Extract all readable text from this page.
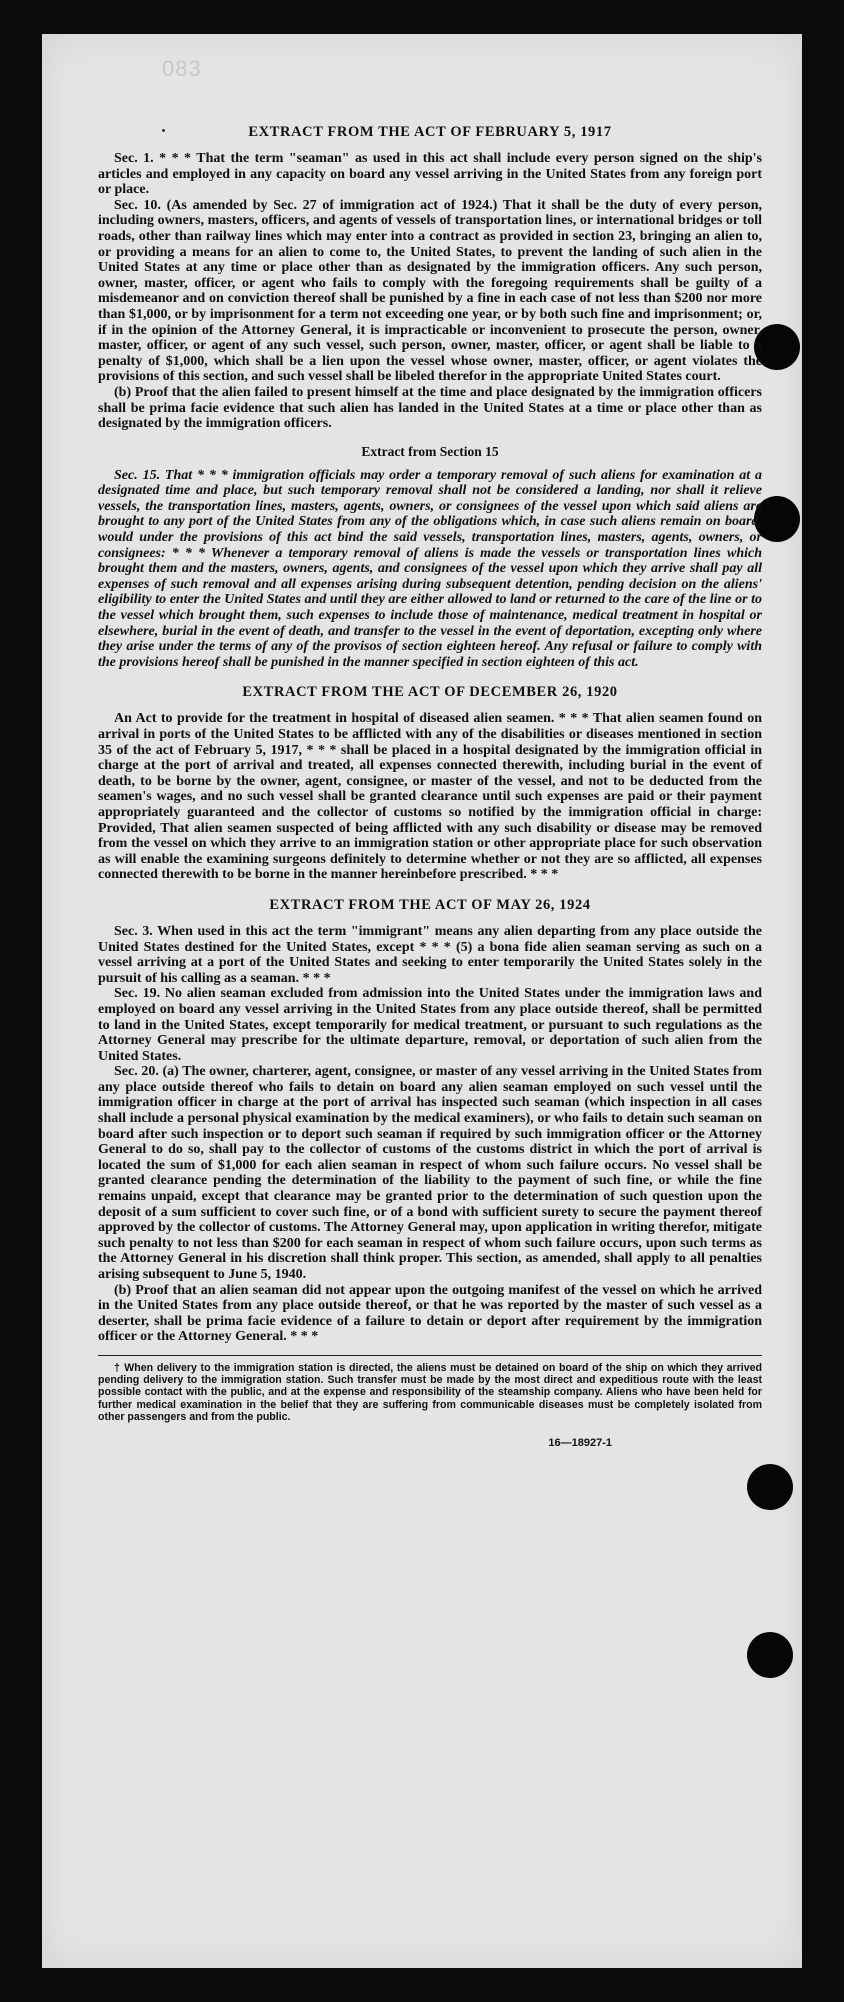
083
EXTRACT FROM THE ACT OF FEBRUARY 5, 1917

Sec. 1. * * * That the term "seaman" as used in this act shall include every person signed on the ship's articles and employed in any capacity on board any vessel arriving in the United States from any foreign port or place.

Sec. 10. (As amended by Sec. 27 of immigration act of 1924.) That it shall be the duty of every person, including owners, masters, officers, and agents of vessels of transportation lines, or international bridges or toll roads, other than railway lines which may enter into a contract as provided in section 23, bringing an alien to, or providing a means for an alien to come to, the United States, to prevent the landing of such alien in the United States at any time or place other than as designated by the immigration officers. Any such person, owner, master, officer, or agent who fails to comply with the foregoing requirements shall be guilty of a misdemeanor and on conviction thereof shall be punished by a fine in each case of not less than $200 nor more than $1,000, or by imprisonment for a term not exceeding one year, or by both such fine and imprisonment; or, if in the opinion of the Attorney General, it is impracticable or inconvenient to prosecute the person, owner, master, officer, or agent of any such vessel, such person, owner, master, officer, or agent shall be liable to a penalty of $1,000, which shall be a lien upon the vessel whose owner, master, officer, or agent violates the provisions of this section, and such vessel shall be libeled therefor in the appropriate United States court.

(b) Proof that the alien failed to present himself at the time and place designated by the immigration officers shall be prima facie evidence that such alien has landed in the United States at a time or place other than as designated by the immigration officers.

Extract from Section 15

Sec. 15. That * * * immigration officials may order a temporary removal of such aliens for examination at a designated time and place, but such temporary removal shall not be considered a landing, nor shall it relieve vessels, the transportation lines, masters, agents, owners, or consignees of the vessel upon which said aliens are brought to any port of the United States from any of the obligations which, in case such aliens remain on board, would under the provisions of this act bind the said vessels, transportation lines, masters, agents, owners, or consignees: * * * Whenever a temporary removal of aliens is made the vessels or transportation lines which brought them and the masters, owners, agents, and consignees of the vessel upon which they arrive shall pay all expenses of such removal and all expenses arising during subsequent detention, pending decision on the aliens' eligibility to enter the United States and until they are either allowed to land or returned to the care of the line or to the vessel which brought them, such expenses to include those of maintenance, medical treatment in hospital or elsewhere, burial in the event of death, and transfer to the vessel in the event of deportation, excepting only where they arise under the terms of any of the provisos of section eighteen hereof. Any refusal or failure to comply with the provisions hereof shall be punished in the manner specified in section eighteen of this act.

EXTRACT FROM THE ACT OF DECEMBER 26, 1920

An Act to provide for the treatment in hospital of diseased alien seamen. * * * That alien seamen found on arrival in ports of the United States to be afflicted with any of the disabilities or diseases mentioned in section 35 of the act of February 5, 1917, * * * shall be placed in a hospital designated by the immigration official in charge at the port of arrival and treated, all expenses connected therewith, including burial in the event of death, to be borne by the owner, agent, consignee, or master of the vessel, and not to be deducted from the seamen's wages, and no such vessel shall be granted clearance until such expenses are paid or their payment appropriately guaranteed and the collector of customs so notified by the immigration official in charge: Provided, That alien seamen suspected of being afflicted with any such disability or disease may be removed from the vessel on which they arrive to an immigration station or other appropriate place for such observation as will enable the examining surgeons definitely to determine whether or not they are so afflicted, all expenses connected therewith to be borne in the manner hereinbefore prescribed. * * *

EXTRACT FROM THE ACT OF MAY 26, 1924

Sec. 3. When used in this act the term "immigrant" means any alien departing from any place outside the United States destined for the United States, except * * * (5) a bona fide alien seaman serving as such on a vessel arriving at a port of the United States and seeking to enter temporarily the United States solely in the pursuit of his calling as a seaman. * * *

Sec. 19. No alien seaman excluded from admission into the United States under the immigration laws and employed on board any vessel arriving in the United States from any place outside thereof, shall be permitted to land in the United States, except temporarily for medical treatment, or pursuant to such regulations as the Attorney General may prescribe for the ultimate departure, removal, or deportation of such alien from the United States.

Sec. 20. (a) The owner, charterer, agent, consignee, or master of any vessel arriving in the United States from any place outside thereof who fails to detain on board any alien seaman employed on such vessel until the immigration officer in charge at the port of arrival has inspected such seaman (which inspection in all cases shall include a personal physical examination by the medical examiners), or who fails to detain such seaman on board after such inspection or to deport such seaman if required by such immigration officer or the Attorney General to do so, shall pay to the collector of customs of the customs district in which the port of arrival is located the sum of $1,000 for each alien seaman in respect of whom such failure occurs. No vessel shall be granted clearance pending the determination of the liability to the payment of such fine, or while the fine remains unpaid, except that clearance may be granted prior to the determination of such question upon the deposit of a sum sufficient to cover such fine, or of a bond with sufficient surety to secure the payment thereof approved by the collector of customs. The Attorney General may, upon application in writing therefor, mitigate such penalty to not less than $200 for each seaman in respect of whom such failure occurs, upon such terms as the Attorney General in his discretion shall think proper. This section, as amended, shall apply to all penalties arising subsequent to June 5, 1940.

(b) Proof that an alien seaman did not appear upon the outgoing manifest of the vessel on which he arrived in the United States from any place outside thereof, or that he was reported by the master of such vessel as a deserter, shall be prima facie evidence of a failure to detain or deport after requirement by the immigration officer or the Attorney General. * * *

† When delivery to the immigration station is directed, the aliens must be detained on board of the ship on which they arrived pending delivery to the immigration station. Such transfer must be made by the most direct and expeditious route with the least possible contact with the public, and at the expense and responsibility of the steamship company. Aliens who have been held for further medical examination in the belief that they are suffering from communicable diseases must be completely isolated from other passengers and from the public.

16—18927-1
